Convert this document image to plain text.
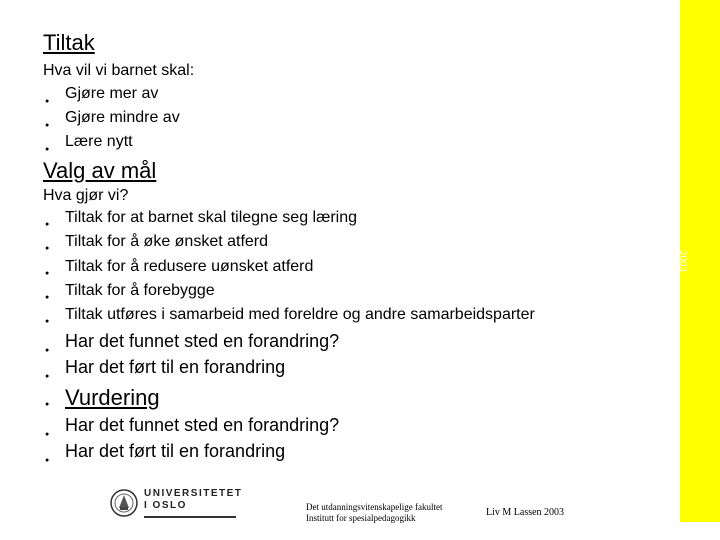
Tiltak
Hva vil vi barnet skal:
● Gjøre mer av
● Gjøre mindre av
● Lære nytt
Valg av mål
Hva gjør vi?
● Tiltak for at barnet skal tilegne seg læring
● Tiltak for å øke ønsket atferd
● Tiltak for å redusere uønsket atferd
● Tiltak for å forebygge
● Tiltak utføres i samarbeid med foreldre og andre samarbeidsparter
● Har det funnet sted en forandring?
● Har det ført til en forandring
● Vurdering
● Har det funnet sted en forandring?
● Har det ført til en forandring
2003
UNIVERSITETET
I OSLO	Det utdanningsvitenskapelige fakultet
Institutt for spesialpedagogikk	Liv M Lassen 2003
